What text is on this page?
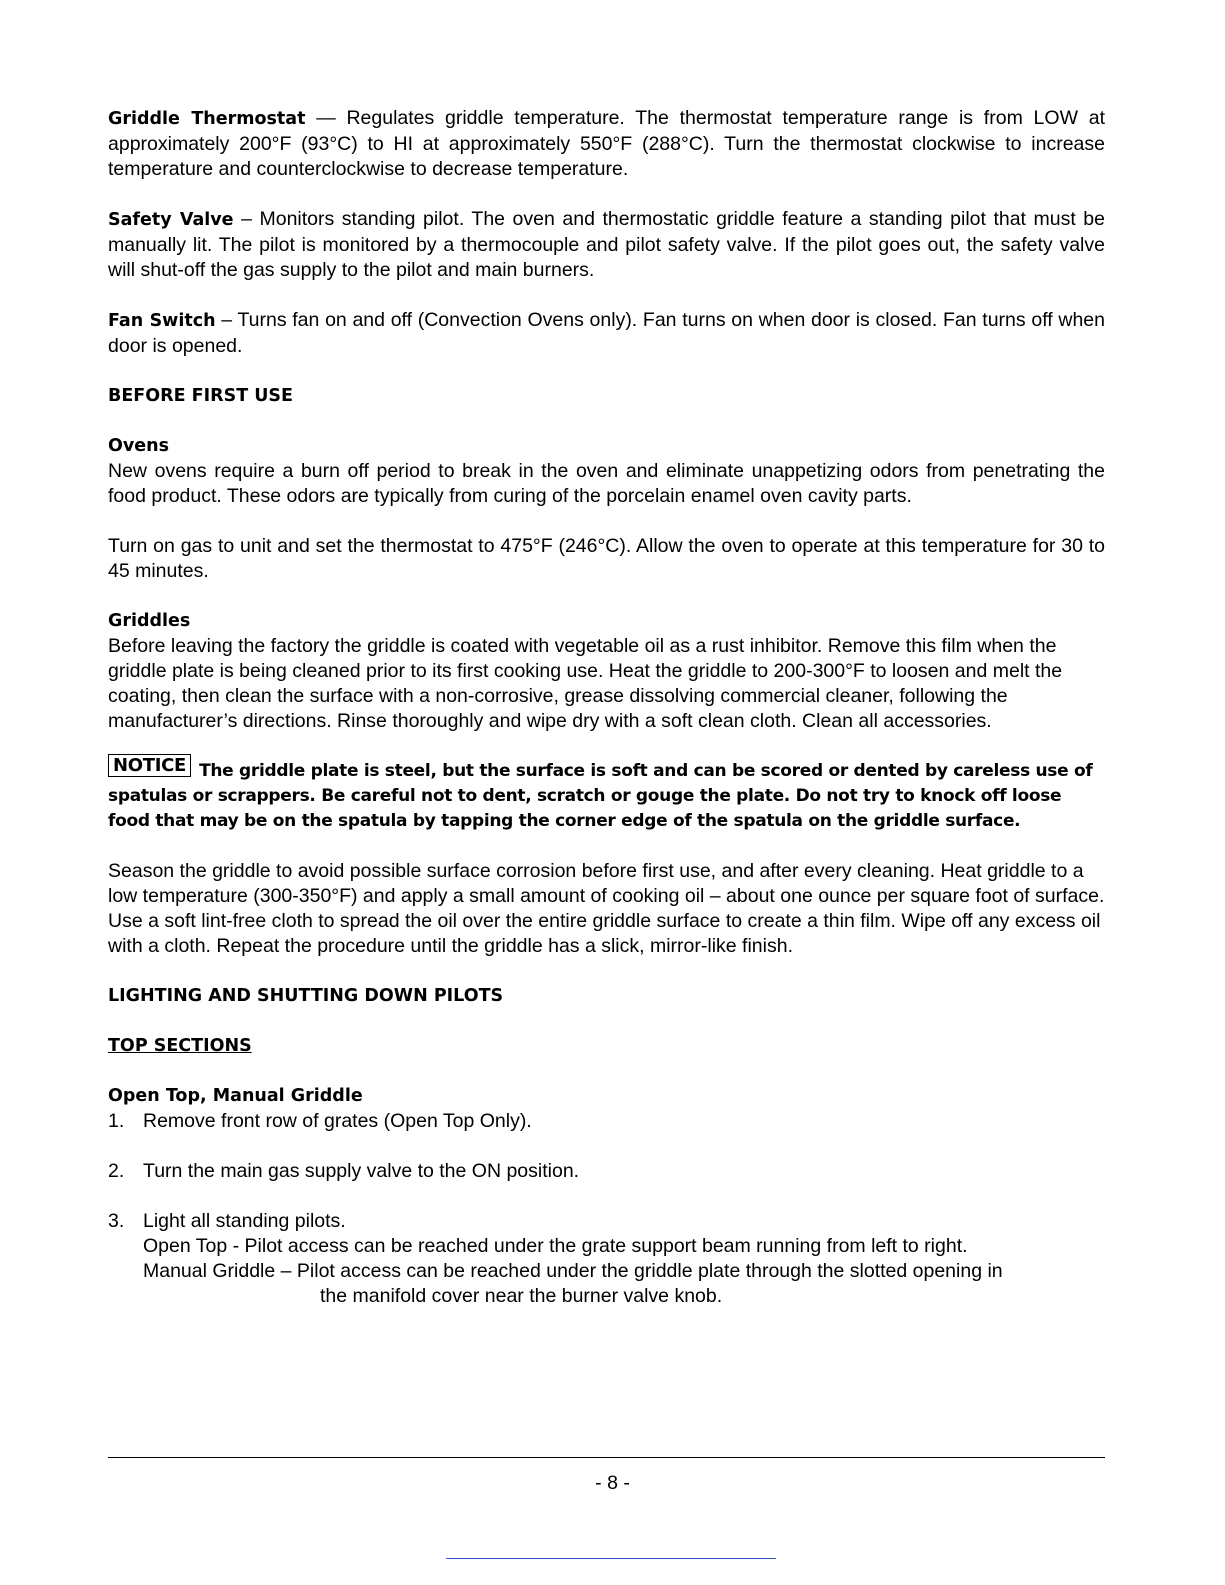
Griddle Thermostat — Regulates griddle temperature. The thermostat temperature range is from LOW at approximately 200°F (93°C) to HI at approximately 550°F (288°C). Turn the thermostat clockwise to increase temperature and counterclockwise to decrease temperature.

Safety Valve – Monitors standing pilot. The oven and thermostatic griddle feature a standing pilot that must be manually lit. The pilot is monitored by a thermocouple and pilot safety valve. If the pilot goes out, the safety valve will shut-off the gas supply to the pilot and main burners.

Fan Switch – Turns fan on and off (Convection Ovens only). Fan turns on when door is closed. Fan turns off when door is opened.

BEFORE FIRST USE
Ovens

New ovens require a burn off period to break in the oven and eliminate unappetizing odors from penetrating the food product. These odors are typically from curing of the porcelain enamel oven cavity parts.

Turn on gas to unit and set the thermostat to 475°F (246°C). Allow the oven to operate at this temperature for 30 to 45 minutes.

Griddles

Before leaving the factory the griddle is coated with vegetable oil as a rust inhibitor. Remove this film when the griddle plate is being cleaned prior to its first cooking use. Heat the griddle to 200-300°F to loosen and melt the coating, then clean the surface with a non-corrosive, grease dissolving commercial cleaner, following the manufacturer’s directions. Rinse thoroughly and wipe dry with a soft clean cloth. Clean all accessories.

NOTICE The griddle plate is steel, but the surface is soft and can be scored or dented by careless use of spatulas or scrappers. Be careful not to dent, scratch or gouge the plate. Do not try to knock off loose food that may be on the spatula by tapping the corner edge of the spatula on the griddle surface.

Season the griddle to avoid possible surface corrosion before first use, and after every cleaning. Heat griddle to a low temperature (300-350°F) and apply a small amount of cooking oil – about one ounce per square foot of surface. Use a soft lint-free cloth to spread the oil over the entire griddle surface to create a thin film. Wipe off any excess oil with a cloth. Repeat the procedure until the griddle has a slick, mirror-like finish.

LIGHTING AND SHUTTING DOWN PILOTS
TOP SECTIONS
Open Top, Manual Griddle
1. Remove front row of grates (Open Top Only).
2. Turn the main gas supply valve to the ON position.
3. Light all standing pilots.
Open Top - Pilot access can be reached under the grate support beam running from left to right.
Manual Griddle – Pilot access can be reached under the griddle plate through the slotted opening in
the manifold cover near the burner valve knob.
- 8 -
